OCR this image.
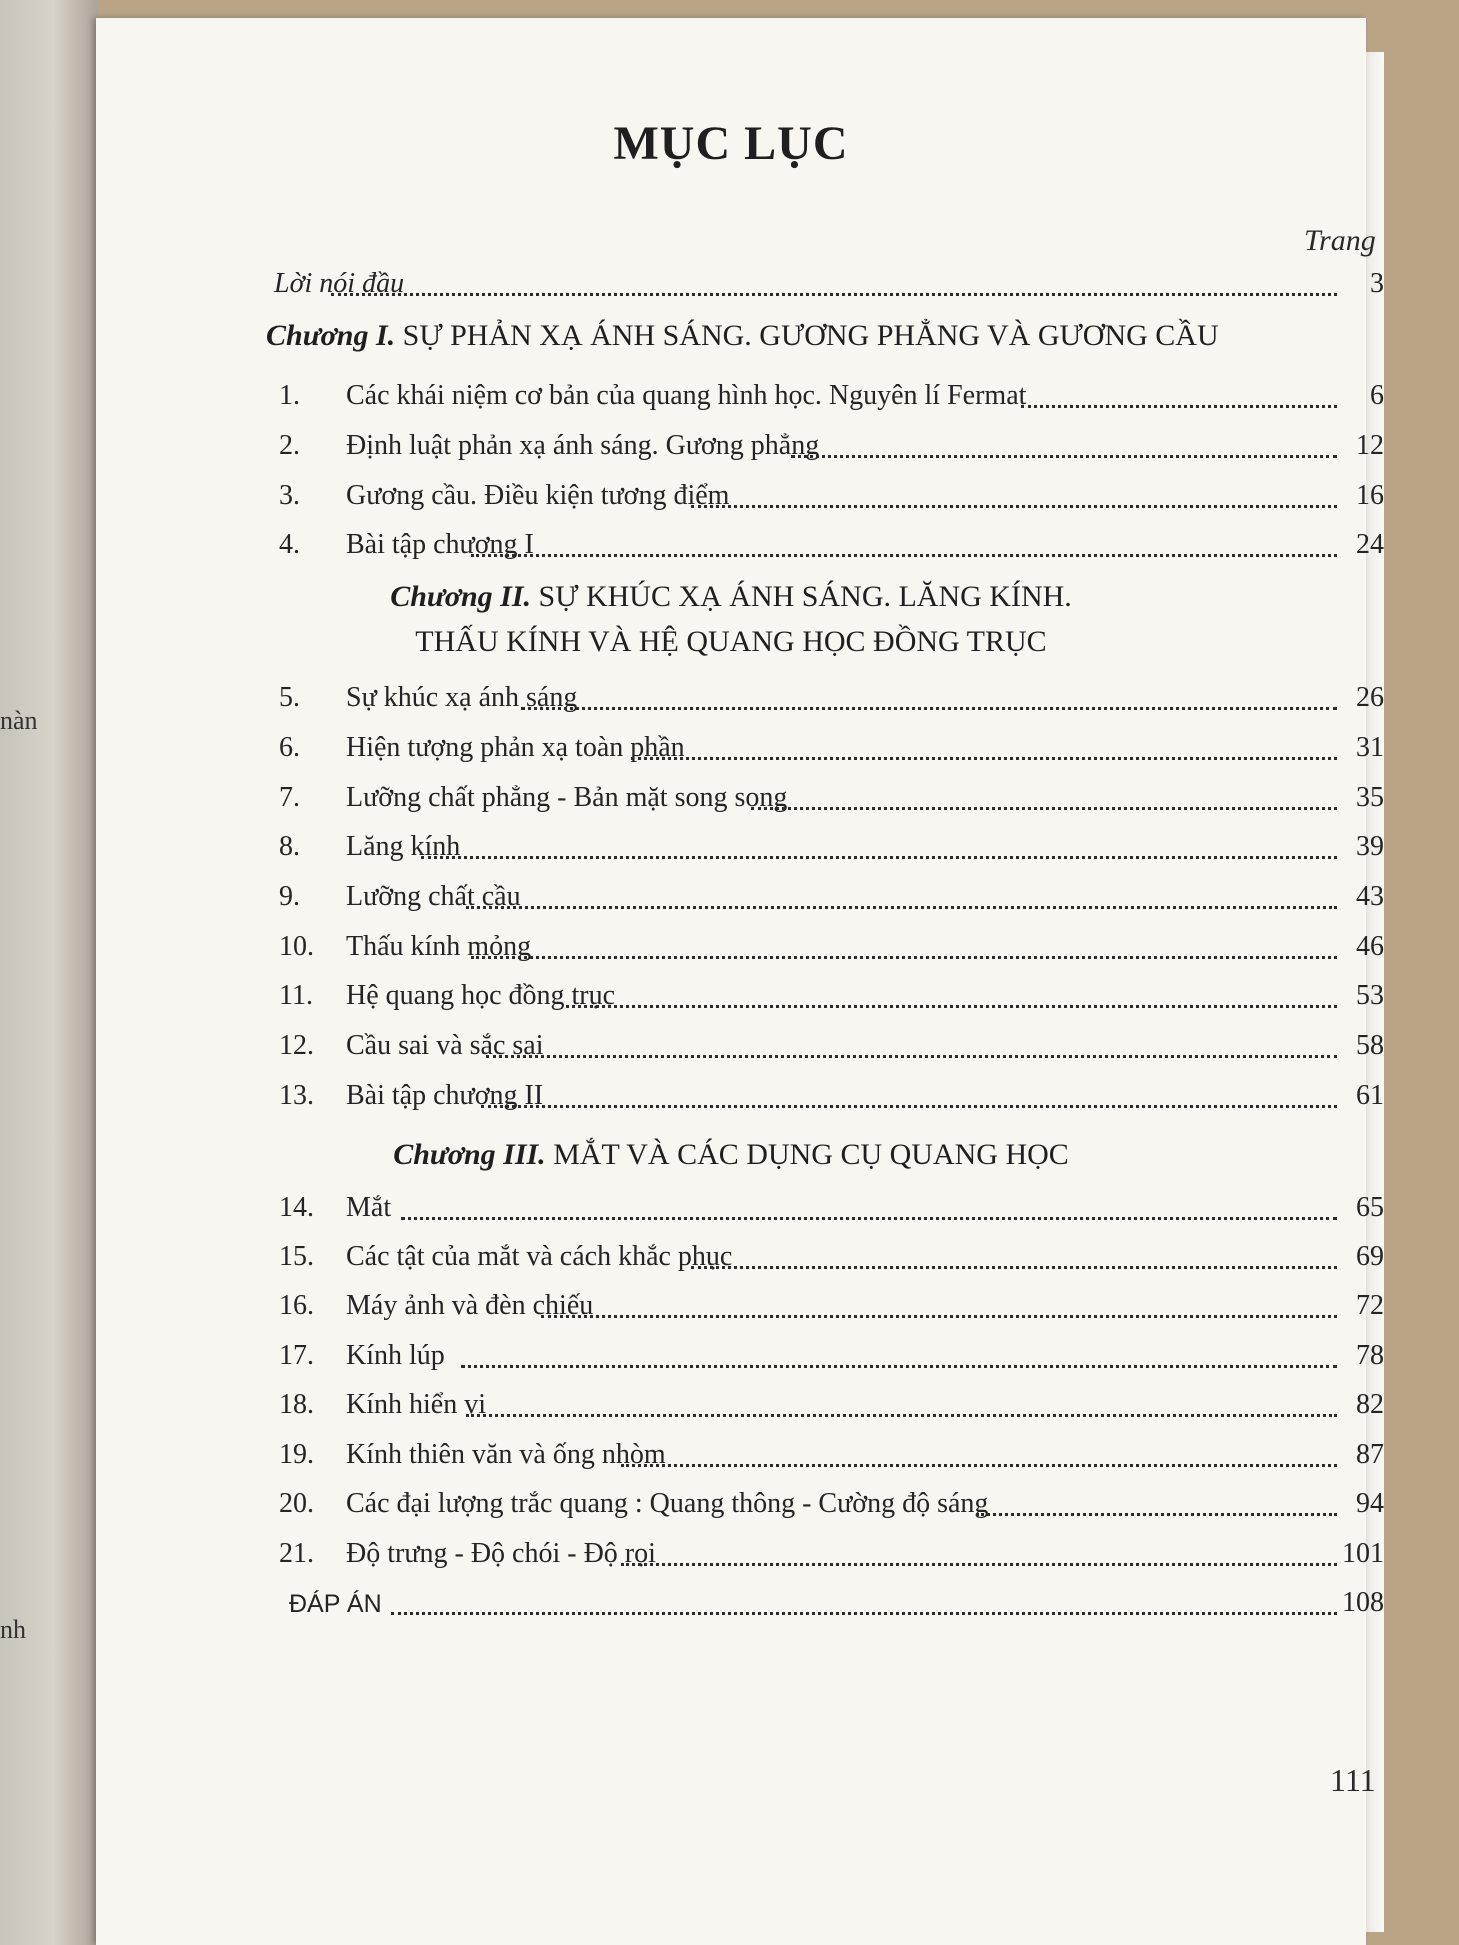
nàn
nh
MỤC LỤC
Trang
Lời nói đầu	3
Chương I. SỰ PHẢN XẠ ÁNH SÁNG. GƯƠNG PHẲNG VÀ GƯƠNG CẦU
1. Các khái niệm cơ bản của quang hình học. Nguyên lí Fermat	6
2. Định luật phản xạ ánh sáng. Gương phẳng	12
3. Gương cầu. Điều kiện tương điểm	16
4. Bài tập chương I	24
Chương II. SỰ KHÚC XẠ ÁNH SÁNG. LĂNG KÍNH.
THẤU KÍNH VÀ HỆ QUANG HỌC ĐỒNG TRỤC
5. Sự khúc xạ ánh sáng	26
6. Hiện tượng phản xạ toàn phần	31
7. Lưỡng chất phẳng - Bản mặt song song	35
8. Lăng kính	39
9. Lưỡng chất cầu	43
10. Thấu kính mỏng	46
11. Hệ quang học đồng trục	53
12. Cầu sai và sắc sai	58
13. Bài tập chương II	61
Chương III. MẮT VÀ CÁC DỤNG CỤ QUANG HỌC
14. Mắt	65
15. Các tật của mắt và cách khắc phục	69
16. Máy ảnh và đèn chiếu	72
17. Kính lúp	78
18. Kính hiển vi	82
19. Kính thiên văn và ống nhòm	87
20. Các đại lượng trắc quang : Quang thông - Cường độ sáng	94
21. Độ trưng - Độ chói - Độ rọi	101
ĐÁP ÁN	108
111
